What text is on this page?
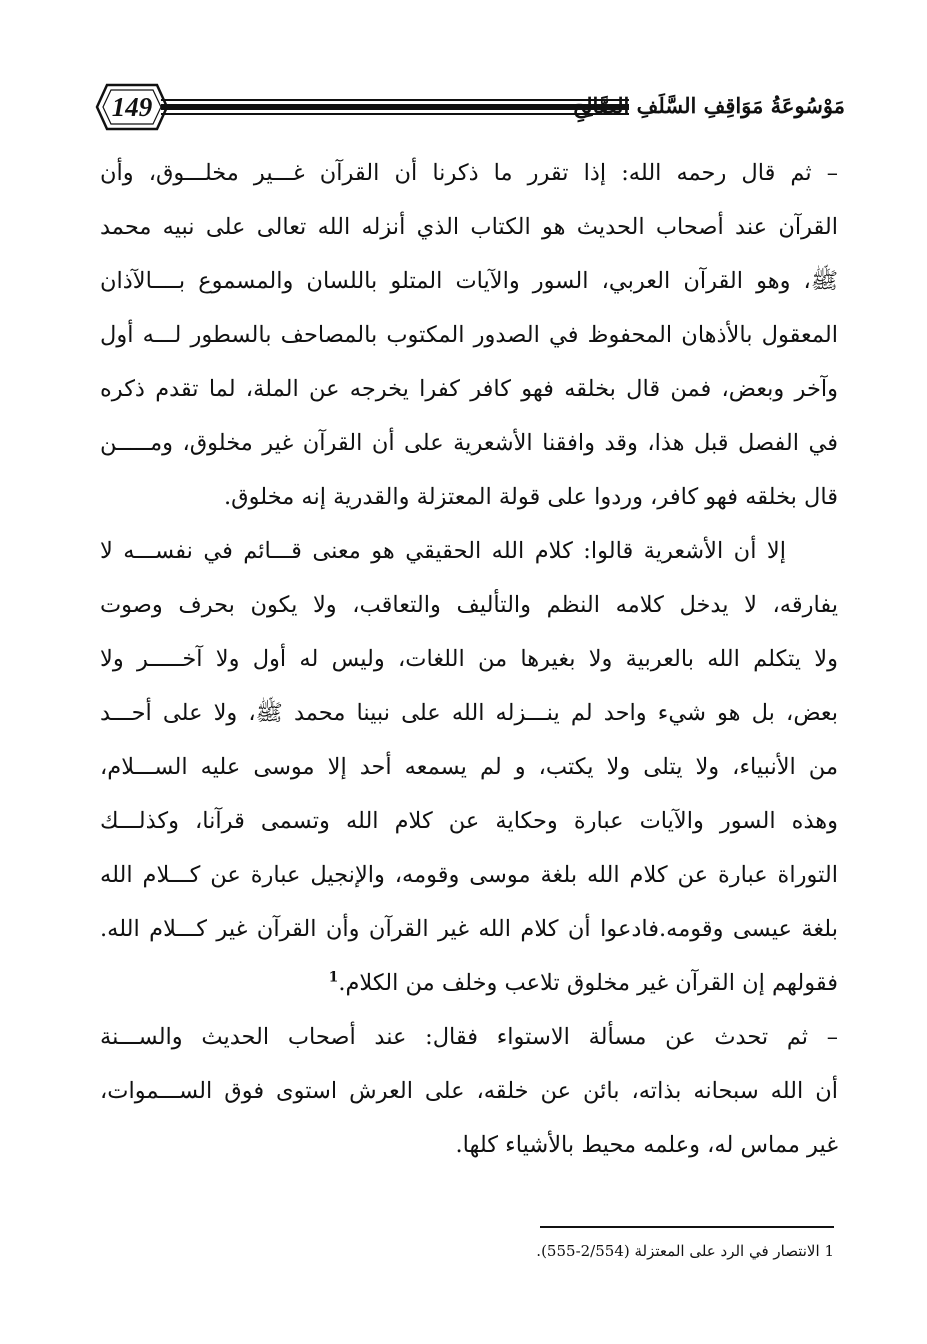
149	مَوْسُوعَةُ مَوَاقِفِ السَّلَفِ الصَّالِحِ
– ثم قال رحمه الله: إذا تقرر ما ذكرنا أن القرآن غـــير مخلـــوق، وأن
القرآن عند أصحاب الحديث هو الكتاب الذي أنزله الله تعالى على نبيه محمد
ﷺ، وهو القرآن العربي، السور والآيات المتلو باللسان والمسموع بــــالآذان
المعقول بالأذهان المحفوظ في الصدور المكتوب بالمصاحف بالسطور لـــه أول
وآخر وبعض، فمن قال بخلقه فهو كافر كفرا يخرجه عن الملة، لما تقدم ذكره
في الفصل قبل هذا، وقد وافقنا الأشعرية على أن القرآن غير مخلوق، ومـــــن
قال بخلقه فهو كافر، وردوا على قولة المعتزلة والقدرية إنه مخلوق.
إلا أن الأشعرية قالوا: كلام الله الحقيقي هو معنى قـــائم في نفســـه لا
يفارقه، لا يدخل كلامه النظم والتأليف والتعاقب، ولا يكون بحرف وصوت
ولا يتكلم الله بالعربية ولا بغيرها من اللغات، وليس له أول ولا آخـــــر ولا
بعض، بل هو شيء واحد لم ينـــزله الله على نبينا محمد ﷺ، ولا على أحـــد
من الأنبياء، ولا يتلى ولا يكتب، و لم يسمعه أحد إلا موسى عليه الســـلام،
وهذه السور والآيات عبارة وحكاية عن كلام الله وتسمى قرآنا، وكذلـــك
التوراة عبارة عن كلام الله بلغة موسى وقومه، والإنجيل عبارة عن كـــلام الله
بلغة عيسى وقومه.فادعوا أن كلام الله غير القرآن وأن القرآن غير كـــلام الله.
فقولهم إن القرآن غير مخلوق تلاعب وخلف من الكلام.$^1$
– ثم تحدث عن مسألة الاستواء فقال: عند أصحاب الحديث والســـنة
أن الله سبحانه بذاته، بائن عن خلقه، على العرش استوى فوق الســـموات،
غير مماس له، وعلمه محيط بالأشياء كلها.
1 الانتصار في الرد على المعتزلة (2/554-555).
